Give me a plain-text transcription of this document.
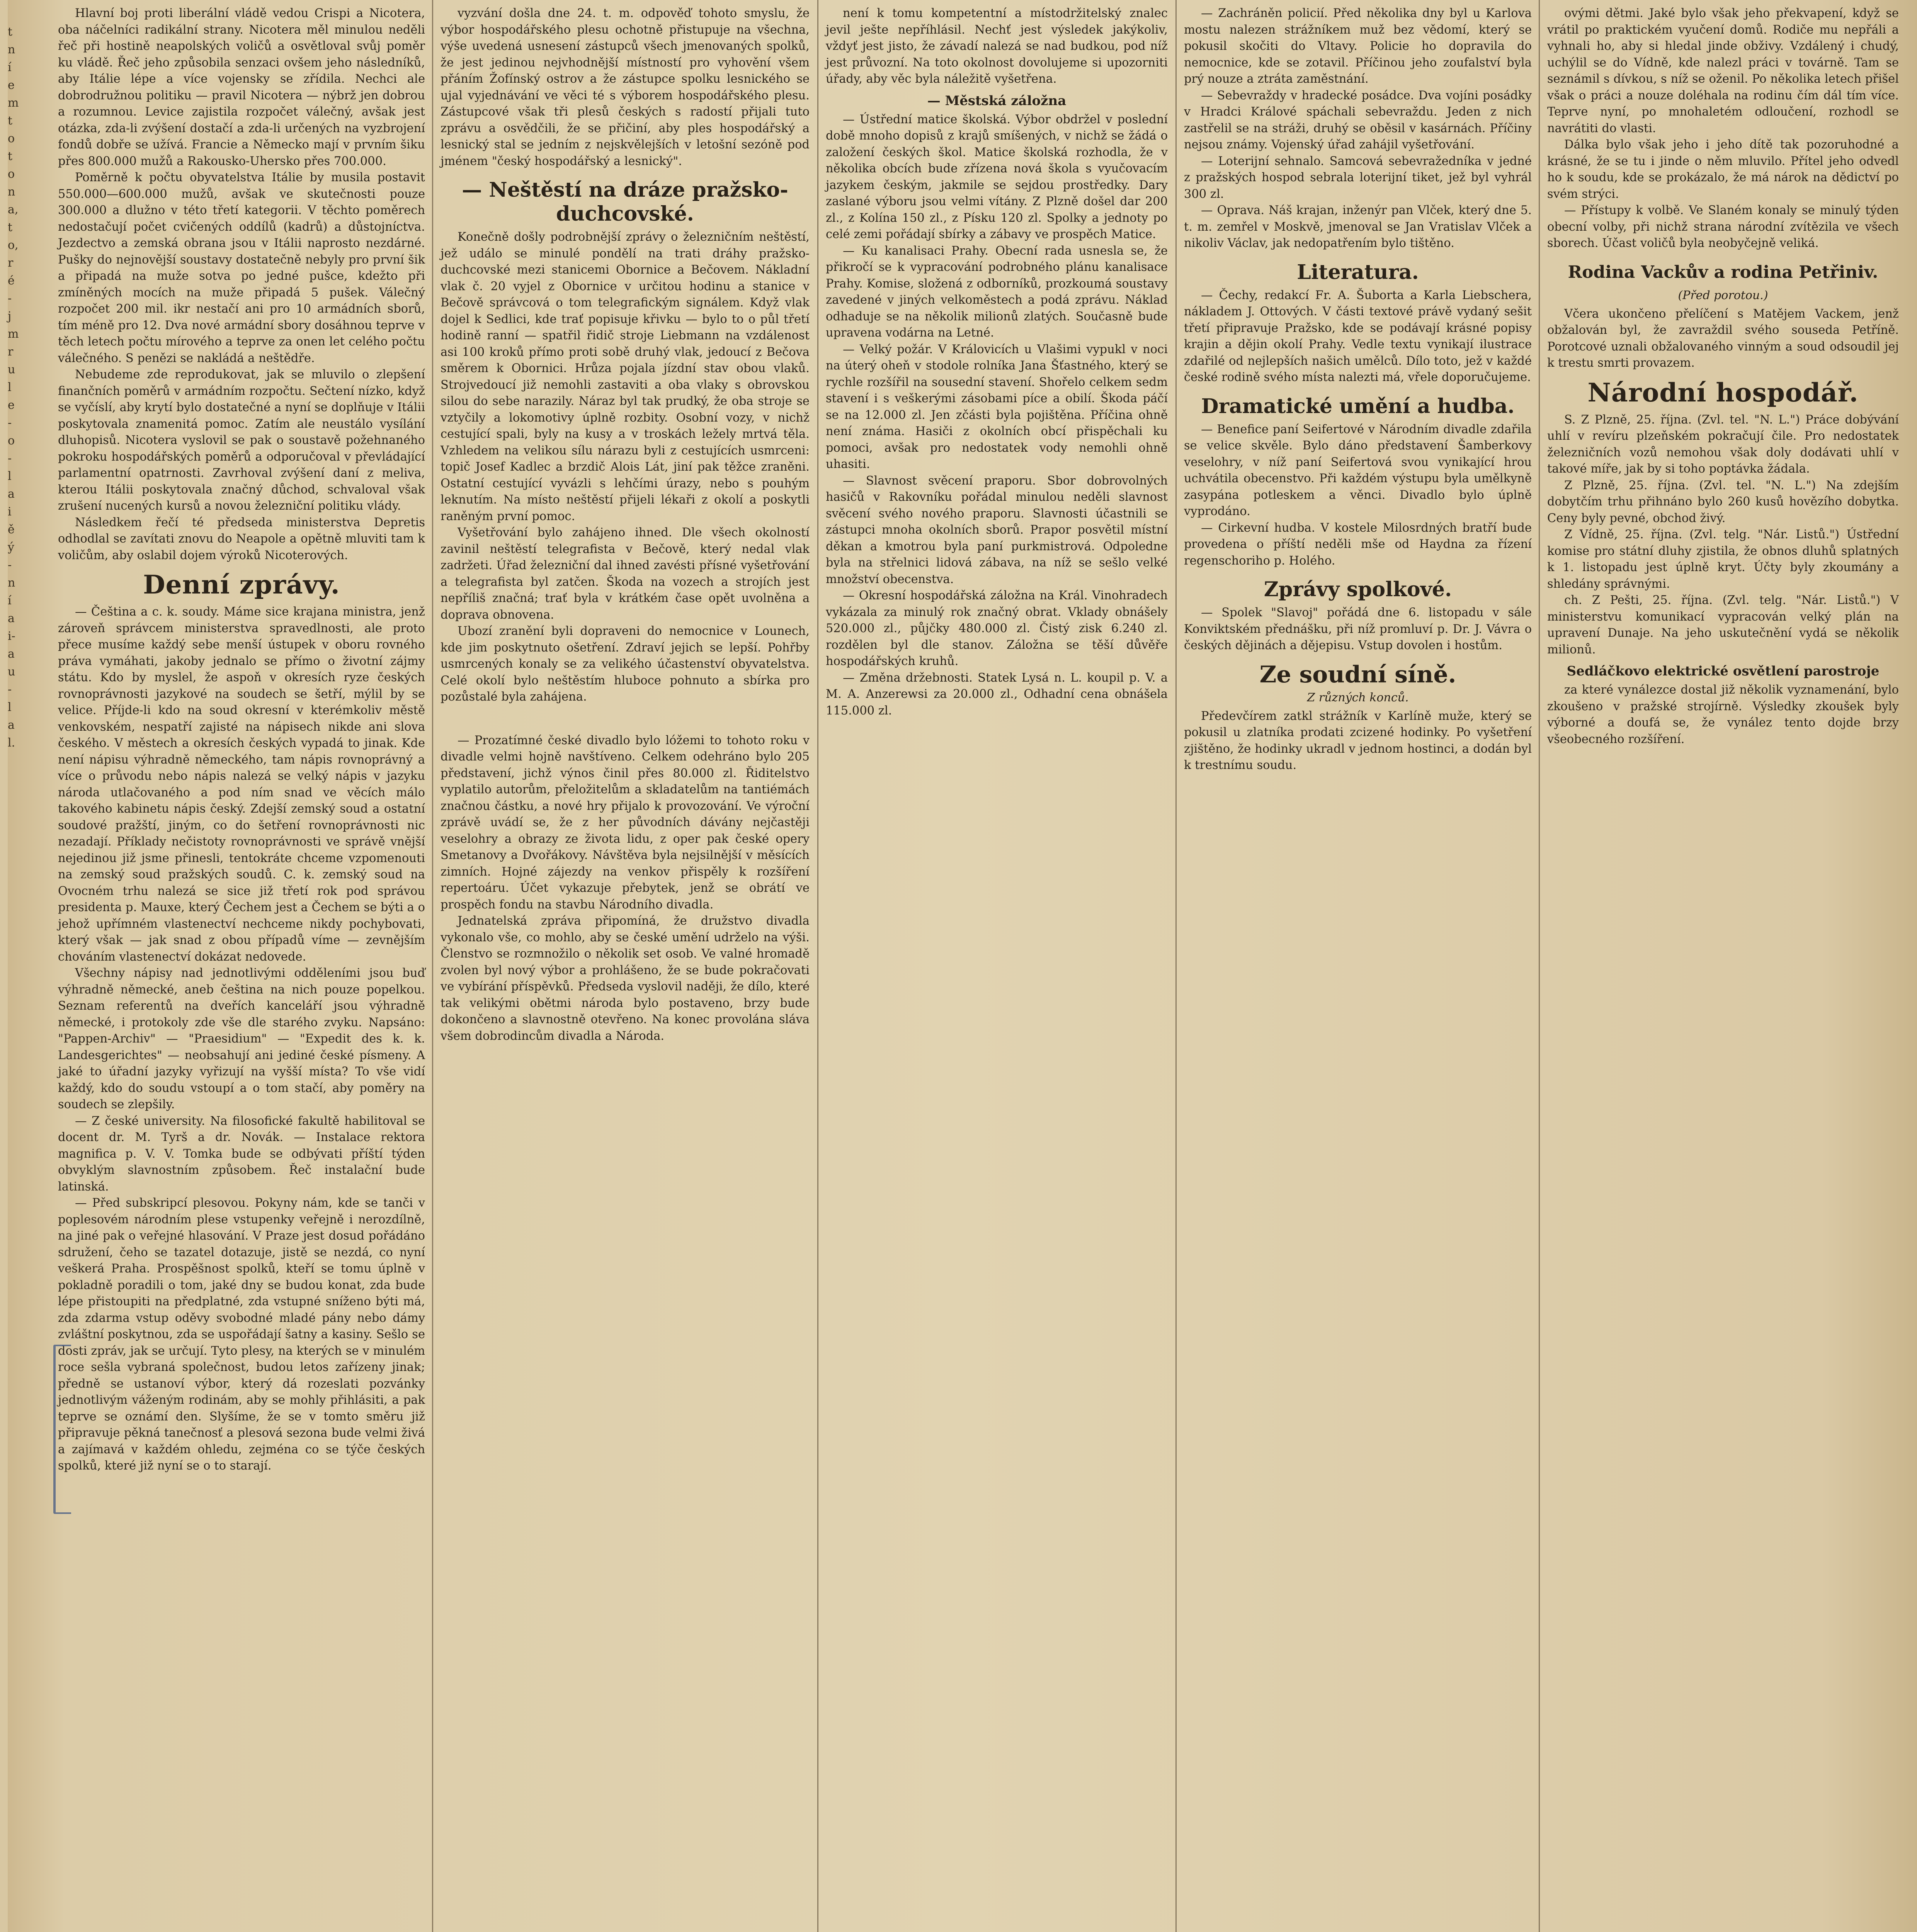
tní
em
to
to
na,
to,
ré-
jm
ru
le-
o-
la
iě
ý-
ní
a
i-
a
u-
la
l.

Hlavní boj proti liberální vládě vedou Crispi a Nicotera, oba náčelníci radikální strany. Nicotera měl minulou neděli řeč při hostině neapolských voličů a osvětloval svůj poměr ku vládě. Řeč jeho způsobila senzaci ovšem jeho následníků, aby Itálie lépe a více vojensky se zřídila. Nechci ale dobrodružnou politiku — pravil Nicotera — nýbrž jen dobrou a rozumnou. Levice zajistila rozpočet válečný, avšak jest otázka, zda-li zvýšení dostačí a zda-li určených na vyzbrojení fondů dobře se užívá. Francie a Německo mají v prvním šiku přes 800.000 mužů a Rakousko-Uhersko přes 700.000.

Poměrně k počtu obyvatelstva Itálie by musila postavit 550.000—600.000 mužů, avšak ve skutečnosti pouze 300.000 a dlužno v této třetí kategorii. V těchto poměrech nedostačují počet cvičených oddílů (kadrů) a důstojníctva. Jezdectvo a zemská obrana jsou v Itálii naprosto nezdárné. Pušky do nejnovější soustavy dostatečně nebyly pro první šik a připadá na muže sotva po jedné pušce, kdežto při zmíněných mocích na muže připadá 5 pušek. Válečný rozpočet 200 mil. ikr nestačí ani pro 10 armádních sborů, tím méně pro 12. Dva nové armádní sbory dosáhnou teprve v těch letech počtu mírového a teprve za onen let celého počtu válečného. S penězi se nakládá a neštědře.

Nebudeme zde reprodukovat, jak se mluvilo o zlepšení finančních poměrů v armádním rozpočtu. Sečtení nízko, když se vyčíslí, aby krytí bylo dostatečné a nyní se doplňuje v Itálii poskytovala znamenitá pomoc. Zatím ale neustálo vysílání dluhopisů. Nicotera vyslovil se pak o soustavě požehnaného pokroku hospodářských poměrů a odporučoval v převládající parlamentní opatrnosti. Zavrhoval zvýšení daní z meliva, kterou Itálii poskytovala značný důchod, schvaloval však zrušení nucených kursů a novou železniční politiku vlády.

Následkem řečí té předseda ministerstva Depretis odhodlal se zavítati znovu do Neapole a opětně mluviti tam k voličům, aby oslabil dojem výroků Nicoterových.

Denní zprávy.

— Čeština a c. k. soudy. Máme sice krajana ministra, jenž zároveň správcem ministerstva spravedlnosti, ale proto přece musíme každý sebe menší ústupek v oboru rovného práva vymáhati, jakoby jednalo se přímo o životní zájmy státu. Kdo by myslel, že aspoň v okresích ryze českých rovnoprávnosti jazykové na soudech se šetří, mýlil by se velice. Příjde-li kdo na soud okresní v kterémkoliv městě venkovském, nespatří zajisté na nápisech nikde ani slova českého. V městech a okresích českých vypadá to jinak. Kde není nápisu výhradně německého, tam nápis rovnoprávný a více o průvodu nebo nápis nalezá se velký nápis v jazyku národa utlačovaného a pod ním snad ve věcích málo takového kabinetu nápis český. Zdejší zemský soud a ostatní soudové pražští, jiným, co do šetření rovnoprávnosti nic nezadají. Příklady nečistoty rovnoprávnosti ve správě vnější nejedinou již jsme přinesli, tentokráte chceme vzpomenouti na zemský soud pražských soudů. C. k. zemský soud na Ovocném trhu nalezá se sice již třetí rok pod správou presidenta p. Mauxe, který Čechem jest a Čechem se býti a o jehož upřímném vlastenectví nechceme nikdy pochybovati, který však — jak snad z obou případů víme — zevnějším chováním vlastenectví dokázat nedovede.

Všechny nápisy nad jednotlivými odděleními jsou buď výhradně německé, aneb čeština na nich pouze popelkou. Seznam referentů na dveřích kanceláří jsou výhradně německé, i protokoly zde vše dle starého zvyku. Napsáno: "Pappen-Archiv" — "Praesidium" — "Expedit des k. k. Landesgerichtes" — neobsahují ani jediné české písmeny. A jaké to úřadní jazyky vyřizují na vyšší místa? To vše vidí každý, kdo do soudu vstoupí a o tom stačí, aby poměry na soudech se zlepšily.

— Z české university. Na filosofické fakultě habilitoval se docent dr. M. Tyrš a dr. Novák. — Instalace rektora magnifica p. V. V. Tomka bude se odbývati příští týden obvyklým slavnostním způsobem. Řeč instalační bude latinská.

— Před subskripcí plesovou. Pokyny nám, kde se tanči v poplesovém národním plese vstupenky veřejně i nerozdílně, na jiné pak o veřejné hlasování. V Praze jest dosud pořádáno sdružení, čeho se tazatel dotazuje, jistě se nezdá, co nyní veškerá Praha. Prospěšnost spolků, kteří se tomu úplně v pokladně poradili o tom, jaké dny se budou konat, zda bude lépe přistoupiti na předplatné, zda vstupné sníženo býti má, zda zdarma vstup oděvy svobodné mladé pány nebo dámy zvláštní poskytnou, zda se uspořádají šatny a kasiny. Sešlo se dosti zpráv, jak se určují. Tyto plesy, na kterých se v minulém roce sešla vybraná společnost, budou letos zařízeny jinak; předně se ustanoví výbor, který dá rozeslati pozvánky jednotlivým váženým rodinám, aby se mohly přihlásiti, a pak teprve se oznámí den. Slyšíme, že se v tomto směru již připravuje pěkná tanečnosť a plesová sezona bude velmi živá a zajímavá v každém ohledu, zejména co se týče českých spolků, které již nyní se o to starají.

vyzvání došla dne 24. t. m. odpověď tohoto smyslu, že výbor hospodářského plesu ochotně přistupuje na všechna, výše uvedená usnesení zástupců všech jmenovaných spolků, že jest jedinou nejvhodnější místností pro vyhovění všem přáním Žofínský ostrov a že zástupce spolku lesnického se ujal vyjednávání ve věci té s výborem hospodářského plesu. Zástupcové však tři plesů českých s radostí přijali tuto zprávu a osvědčili, že se přičiní, aby ples hospodářský a lesnický stal se jedním z nejskvělejších v letošní sezóně pod jménem "český hospodářský a lesnický".

— Neštěstí na dráze pražsko-duchcovské.

Konečně došly podrobnější zprávy o železničním neštěstí, jež událo se minulé pondělí na trati dráhy pražsko-duchcovské mezi stanicemi Obornice a Bečovem. Nákladní vlak č. 20 vyjel z Obornice v určitou hodinu a stanice v Bečově správcová o tom telegrafickým signálem. Když vlak dojel k Sedlici, kde trať popisuje křivku — bylo to o půl třetí hodině ranní — spatřil řidič stroje Liebmann na vzdálenost asi 100 kroků přímo proti sobě druhý vlak, jedoucí z Bečova směrem k Obornici. Hrůza pojala jízdní stav obou vlaků. Strojvedoucí již nemohli zastaviti a oba vlaky s obrovskou silou do sebe narazily. Náraz byl tak prudký, že oba stroje se vztyčily a lokomotivy úplně rozbity. Osobní vozy, v nichž cestující spali, byly na kusy a v troskách ležely mrtvá těla. Vzhledem na velikou sílu nárazu byli z cestujících usmrceni: topič Josef Kadlec a brzdič Alois Lát, jiní pak těžce zraněni. Ostatní cestující vyvázli s lehčími úrazy, nebo s pouhým leknutím. Na místo neštěstí přijeli lékaři z okolí a poskytli raněným první pomoc.

Vyšetřování bylo zahájeno ihned. Dle všech okolností zavinil neštěstí telegrafista v Bečově, který nedal vlak zadržeti. Úřad železniční dal ihned zavésti přísné vyšetřování a telegrafista byl zatčen. Škoda na vozech a strojích jest nepříliš značná; trať byla v krátkém čase opět uvolněna a doprava obnovena.

Ubozí zranění byli dopraveni do nemocnice v Lounech, kde jim poskytnuto ošetření. Zdraví jejich se lepší. Pohřby usmrcených konaly se za velikého účastenství obyvatelstva. Celé okolí bylo neštěstím hluboce pohnuto a sbírka pro pozůstalé byla zahájena.

— Prozatímné české divadlo bylo lóžemi to tohoto roku v divadle velmi hojně navštíveno. Celkem odehráno bylo 205 představení, jichž výnos činil přes 80.000 zl. Řiditelstvo vyplatilo autorům, přeložitelům a skladatelům na tantiémách značnou částku, a nové hry přijalo k provozování. Ve výroční zprávě uvádí se, že z her původních dávány nejčastěji veselohry a obrazy ze života lidu, z oper pak české opery Smetanovy a Dvořákovy. Návštěva byla nejsilnější v měsících zimních. Hojné zájezdy na venkov přispěly k rozšíření repertoáru. Účet vykazuje přebytek, jenž se obrátí ve prospěch fondu na stavbu Národního divadla.

Jednatelská zpráva připomíná, že družstvo divadla vykonalo vše, co mohlo, aby se české umění udrželo na výši. Členstvo se rozmnožilo o několik set osob. Ve valné hromadě zvolen byl nový výbor a prohlášeno, že se bude pokračovati ve vybírání příspěvků. Předseda vyslovil naději, že dílo, které tak velikými obětmi národa bylo postaveno, brzy bude dokončeno a slavnostně otevřeno. Na konec provolána sláva všem dobrodincům divadla a Národa.

není k tomu kompetentní a místodržitelský znalec jevil ješte nepříhlásil. Nechť jest výsledek jakýkoliv, vždyť jest jisto, že závadí nalezá se nad budkou, pod níž jest průvozní. Na toto okolnost dovolujeme si upozorniti úřady, aby věc byla náležitě vyšetřena.

— Městská záložna

— Ústřední matice školská. Výbor obdržel v poslední době mnoho dopisů z krajů smíšených, v nichž se žádá o založení českých škol. Matice školská rozhodla, že v několika obcích bude zřízena nová škola s vyučovacím jazykem českým, jakmile se sejdou prostředky. Dary zaslané výboru jsou velmi vítány. Z Plzně došel dar 200 zl., z Kolína 150 zl., z Písku 120 zl. Spolky a jednoty po celé zemi pořádají sbírky a zábavy ve prospěch Matice.

— Ku kanalisaci Prahy. Obecní rada usnesla se, že přikročí se k vypracování podrobného plánu kanalisace Prahy. Komise, složená z odborníků, prozkoumá soustavy zavedené v jiných velkoměstech a podá zprávu. Náklad odhaduje se na několik milionů zlatých. Současně bude upravena vodárna na Letné.

— Velký požár. V Královicích u Vlašimi vypukl v noci na úterý oheň v stodole rolníka Jana Šťastného, který se rychle rozšířil na sousední stavení. Shořelo celkem sedm stavení i s veškerými zásobami píce a obilí. Škoda páčí se na 12.000 zl. Jen zčásti byla pojištěna. Příčina ohně není známa. Hasiči z okolních obcí přispěchali ku pomoci, avšak pro nedostatek vody nemohli ohně uhasiti.

— Slavnost svěcení praporu. Sbor dobrovolných hasičů v Rakovníku pořádal minulou neděli slavnost svěcení svého nového praporu. Slavnosti účastnili se zástupci mnoha okolních sborů. Prapor posvětil místní děkan a kmotrou byla paní purkmistrová. Odpoledne byla na střelnici lidová zábava, na níž se sešlo velké množství obecenstva.

— Okresní hospodářská záložna na Král. Vinohradech vykázala za minulý rok značný obrat. Vklady obnášely 520.000 zl., půjčky 480.000 zl. Čistý zisk 6.240 zl. rozdělen byl dle stanov. Záložna se těší důvěře hospodářských kruhů.

— Změna držebnosti. Statek Lysá n. L. koupil p. V. a M. A. Anzerewsi za 20.000 zl., Odhadní cena obnášela 115.000 zl.

— Zachráněn policií. Před několika dny byl u Karlova mostu nalezen strážníkem muž bez vědomí, který se pokusil skočiti do Vltavy. Policie ho dopravila do nemocnice, kde se zotavil. Příčinou jeho zoufalství byla prý nouze a ztráta zaměstnání.

— Sebevraždy v hradecké posádce. Dva vojíni posádky v Hradci Králové spáchali sebevraždu. Jeden z nich zastřelil se na stráži, druhý se oběsil v kasárnách. Příčiny nejsou známy. Vojenský úřad zahájil vyšetřování.

— Loterijní sehnalo. Samcová sebevražedníka v jedné z pražských hospod sebrala loterijní tiket, jež byl vyhrál 300 zl.

— Oprava. Náš krajan, inženýr pan Vlček, který dne 5. t. m. zemřel v Moskvě, jmenoval se Jan Vratislav Vlček a nikoliv Václav, jak nedopatřením bylo tištěno.

Literatura.

— Čechy, redakcí Fr. A. Šuborta a Karla Liebschera, nákladem J. Ottových. V části textové právě vydaný sešit třetí připravuje Pražsko, kde se podávají krásné popisy krajin a dějin okolí Prahy. Vedle textu vynikají ilustrace zdařilé od nejlepších našich umělců. Dílo toto, jež v každé české rodině svého místa nalezti má, vřele doporučujeme.

Dramatické umění a hudba.

— Benefice paní Seifertové v Národním divadle zdařila se velice skvěle. Bylo dáno představení Šamberkovy veselohry, v níž paní Seifertová svou vynikající hrou uchvátila obecenstvo. Při každém výstupu byla umělkyně zasypána potleskem a věnci. Divadlo bylo úplně vyprodáno.

— Cirkevní hudba. V kostele Milosrdných bratří bude provedena o příští neděli mše od Haydna za řízení regenschoriho p. Holého.

Zprávy spolkové.

— Spolek "Slavoj" pořádá dne 6. listopadu v sále Konviktském přednášku, při níž promluví p. Dr. J. Vávra o českých dějinách a dějepisu. Vstup dovolen i hostům.

Ze soudní síně.
Z různých konců.

Předevčírem zatkl strážník v Karlíně muže, který se pokusil u zlatníka prodati zcizené hodinky. Po vyšetření zjištěno, že hodinky ukradl v jednom hostinci, a dodán byl k trestnímu soudu.

ovými dětmi. Jaké bylo však jeho překvapení, když se vrátil po praktickém vyučení domů. Rodiče mu nepřáli a vyhnali ho, aby si hledal jinde obživy. Vzdálený i chudý, uchýlil se do Vídně, kde nalezl práci v továrně. Tam se seznámil s dívkou, s níž se oženil. Po několika letech přišel však o práci a nouze doléhala na rodinu čím dál tím více. Teprve nyní, po mnohaletém odloučení, rozhodl se navrátiti do vlasti.

Dálka bylo však jeho i jeho dítě tak pozoruhodné a krásné, že se tu i jinde o něm mluvilo. Přítel jeho odvedl ho k soudu, kde se prokázalo, že má nárok na dědictví po svém strýci.

— Přístupy k volbě. Ve Slaném konaly se minulý týden obecní volby, při nichž strana národní zvítězila ve všech sborech. Účast voličů byla neobyčejně veliká.

Rodina Vackův a rodina Petřiniv.
(Před porotou.)

Včera ukončeno přelíčení s Matějem Vackem, jenž obžalován byl, že zavraždil svého souseda Petříně. Porotcové uznali obžalovaného vinným a soud odsoudil jej k trestu smrti provazem.

Národní hospodář.

S. Z Plzně, 25. října. (Zvl. tel. "N. L.") Práce dobývání uhlí v revíru plzeňském pokračují čile. Pro nedostatek železničních vozů nemohou však doly dodávati uhlí v takové míře, jak by si toho poptávka žádala.

Z Plzně, 25. října. (Zvl. tel. "N. L.") Na zdejším dobytčím trhu přihnáno bylo 260 kusů hovězího dobytka. Ceny byly pevné, obchod živý.

Z Vídně, 25. října. (Zvl. telg. "Nár. Listů.") Ústřední komise pro státní dluhy zjistila, že obnos dluhů splatných k 1. listopadu jest úplně kryt. Účty byly zkoumány a shledány správnými.

ch. Z Pešti, 25. října. (Zvl. telg. "Nár. Listů.") V ministerstvu komunikací vypracován velký plán na upravení Dunaje. Na jeho uskutečnění vydá se několik milionů.

Sedláčkovo elektrické osvětlení parostroje

za které vynálezce dostal již několik vyznamenání, bylo zkoušeno v pražské strojírně. Výsledky zkoušek byly výborné a doufá se, že vynález tento dojde brzy všeobecného rozšíření.
